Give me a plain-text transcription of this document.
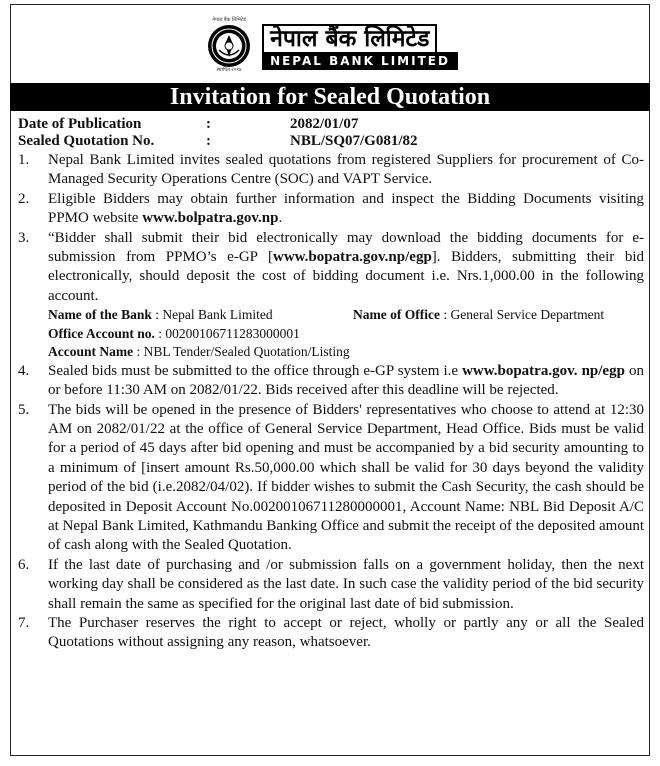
नेपाल बैंक लिमिटेड
स्थापित २०९४
नेपाल बैंक लिमिटेड
NEPAL BANK LIMITED
Invitation for Sealed Quotation
Date of Publication	:	2082/01/07
Sealed Quotation No.	:	NBL/SQ07/G081/82
1.	Nepal Bank Limited invites sealed quotations from registered Suppliers for procurement of Co- Managed Security Operations Centre (SOC) and VAPT Service.
2.	Eligible Bidders may obtain further information and inspect the Bidding Documents visiting PPMO website www.bolpatra.gov.np.
3.	“Bidder shall submit their bid electronically may download the bidding documents for e-submission from PPMO’s e-GP [www.bopatra.gov.np/egp]. Bidders, submitting their bid electronically, should deposit the cost of bidding document i.e. Nrs.1,000.00 in the following account.
Name of the Bank : Nepal Bank Limited	Name of Office : General Service Department
Office Account no. : 00200106711283000001
Account Name : NBL Tender/Sealed Quotation/Listing
4.	Sealed bids must be submitted to the office through e-GP system i.e www.bopatra.gov. np/egp on or before 11:30 AM on 2082/01/22. Bids received after this deadline will be rejected.
5.	The bids will be opened in the presence of Bidders' representatives who choose to attend at 12:30 AM on 2082/01/22 at the office of General Service Department, Head Office. Bids must be valid for a period of 45 days after bid opening and must be accompanied by a bid security amounting to a minimum of [insert amount Rs.50,000.00 which shall be valid for 30 days beyond the validity period of the bid (i.e.2082/04/02). If bidder wishes to submit the Cash Security, the cash should be deposited in Deposit Account No.00200106711280000001, Account Name: NBL Bid Deposit A/C at Nepal Bank Limited, Kathmandu Banking Office and submit the receipt of the deposited amount of cash along with the Sealed Quotation.
6.	If the last date of purchasing and /or submission falls on a government holiday, then the next working day shall be considered as the last date. In such case the validity period of the bid security shall remain the same as specified for the original last date of bid submission.
7.	The Purchaser reserves the right to accept or reject, wholly or partly any or all the Sealed Quotations without assigning any reason, whatsoever.
